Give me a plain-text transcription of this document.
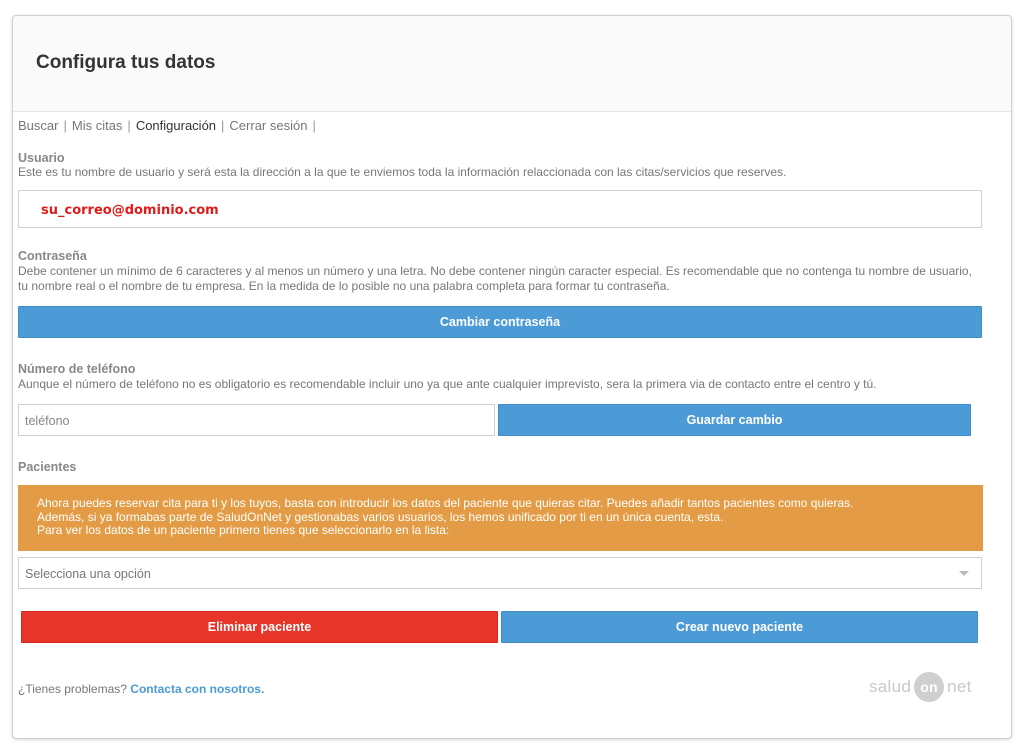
Configura tus datos
Buscar | Mis citas | Configuración | Cerrar sesión |
Usuario
Este es tu nombre de usuario y será esta la dirección a la que te enviemos toda la información relaccionada con las citas/servicios que reserves.
su_correo@dominio.com
Contraseña
Debe contener un mínimo de 6 caracteres y al menos un número y una letra. No debe contener ningún caracter especial. Es recomendable que no contenga tu nombre de usuario, tu nombre real o el nombre de tu empresa. En la medida de lo posible no una palabra completa para formar tu contraseña.
Cambiar contraseña
Número de teléfono
Aunque el número de teléfono no es obligatorio es recomendable incluir uno ya que ante cualquier imprevisto, sera la primera via de contacto entre el centro y tú.
teléfono	Guardar cambio
Pacientes
Ahora puedes reservar cita para ti y los tuyos, basta con introducir los datos del paciente que quieras citar. Puedes añadir tantos pacientes como quieras.
Además, si ya formabas parte de SaludOnNet y gestionabas varios usuarios, los hemos unificado por ti en un única cuenta, esta.
Para ver los datos de un paciente primero tienes que seleccionarlo en la lista:
Selecciona una opción
Eliminar paciente	Crear nuevo paciente
¿Tienes problemas? Contacta con nosotros.	salud on net
